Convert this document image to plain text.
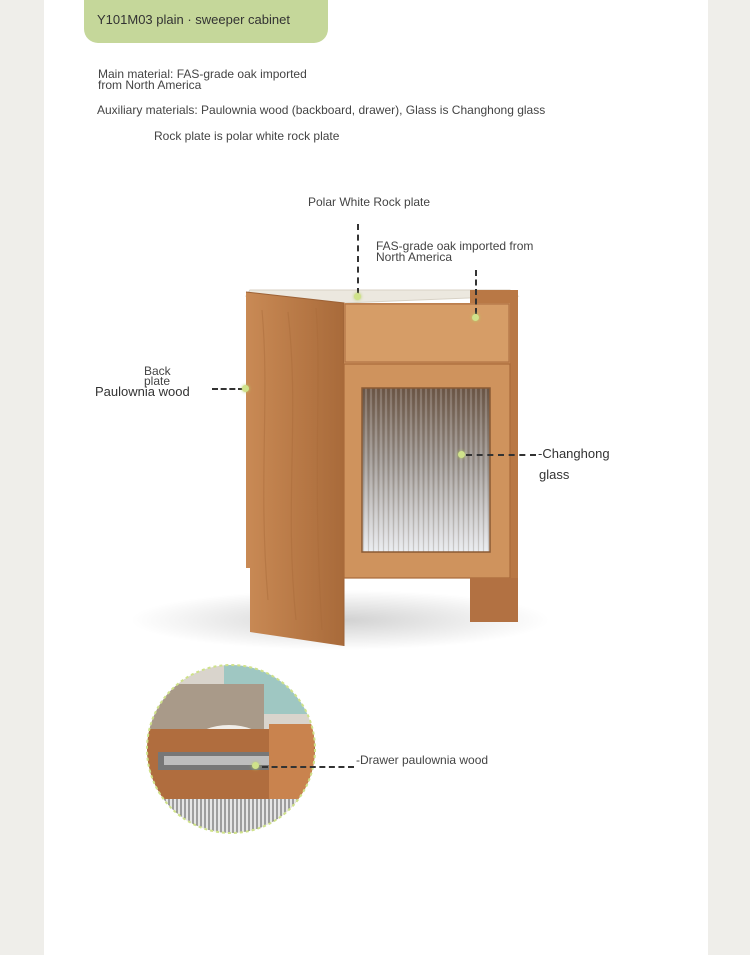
Y101M03 plain · sweeper cabinet
Main material: FAS-grade oak imported
from North America
Auxiliary materials: Paulownia wood (backboard, drawer), Glass is Changhong glass
Rock plate is polar white rock plate
Polar White Rock plate
FAS-grade oak imported from
North America
Back
plate
Paulownia wood
-Changhong
glass
-Drawer paulownia wood
